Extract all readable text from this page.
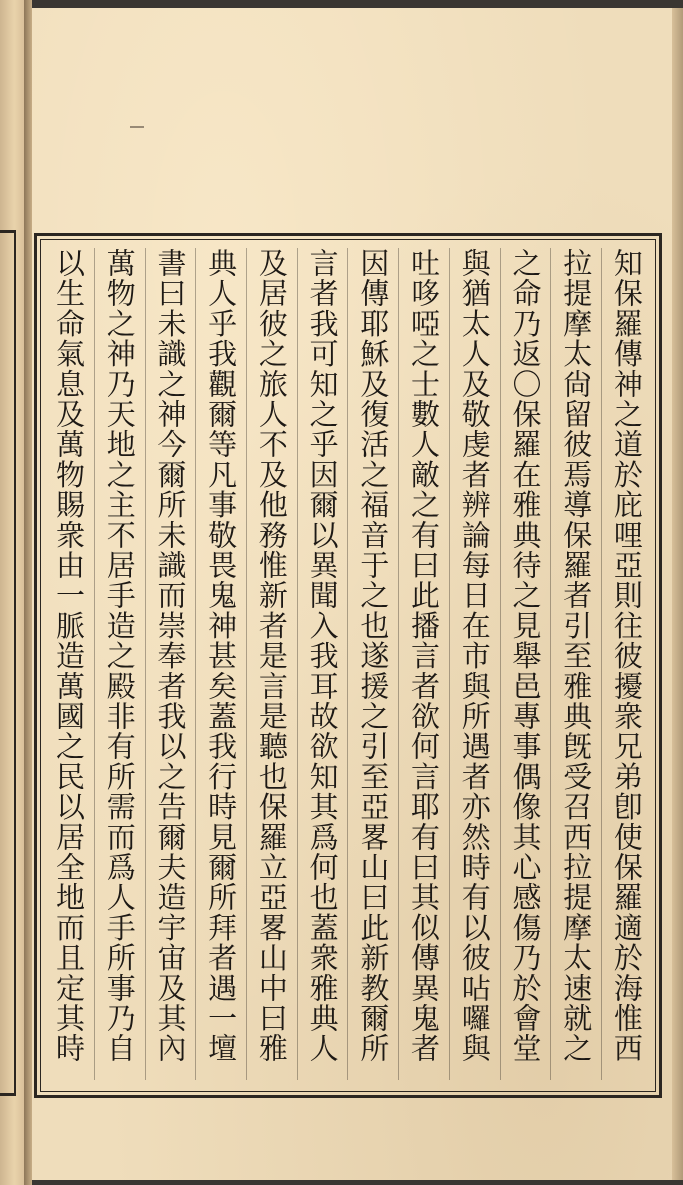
知保羅傳神之道於庇哩亞則往彼擾衆兄弟卽使保羅適於海惟西
拉提摩太尙留彼焉導保羅者引至雅典旣受召西拉提摩太速就之
之命乃返〇保羅在雅典待之見舉邑專事偶像其心感傷乃於會堂
與猶太人及敬虔者辨論每日在市與所遇者亦然時有以彼呫囉與
吐哆啞之士數人敵之有曰此播言者欲何言耶有曰其似傳異鬼者
因傳耶穌及復活之福音于之也遂援之引至亞畧山曰此新教爾所
言者我可知之乎因爾以異聞入我耳故欲知其爲何也蓋衆雅典人
及居彼之旅人不及他務惟新者是言是聽也保羅立亞畧山中曰雅
典人乎我觀爾等凡事敬畏鬼神甚矣蓋我行時見爾所拜者遇一壇
書曰未識之神今爾所未識而崇奉者我以之告爾夫造宇宙及其內
萬物之神乃天地之主不居手造之殿非有所需而爲人手所事乃自
以生命氣息及萬物賜衆由一脈造萬國之民以居全地而且定其時
